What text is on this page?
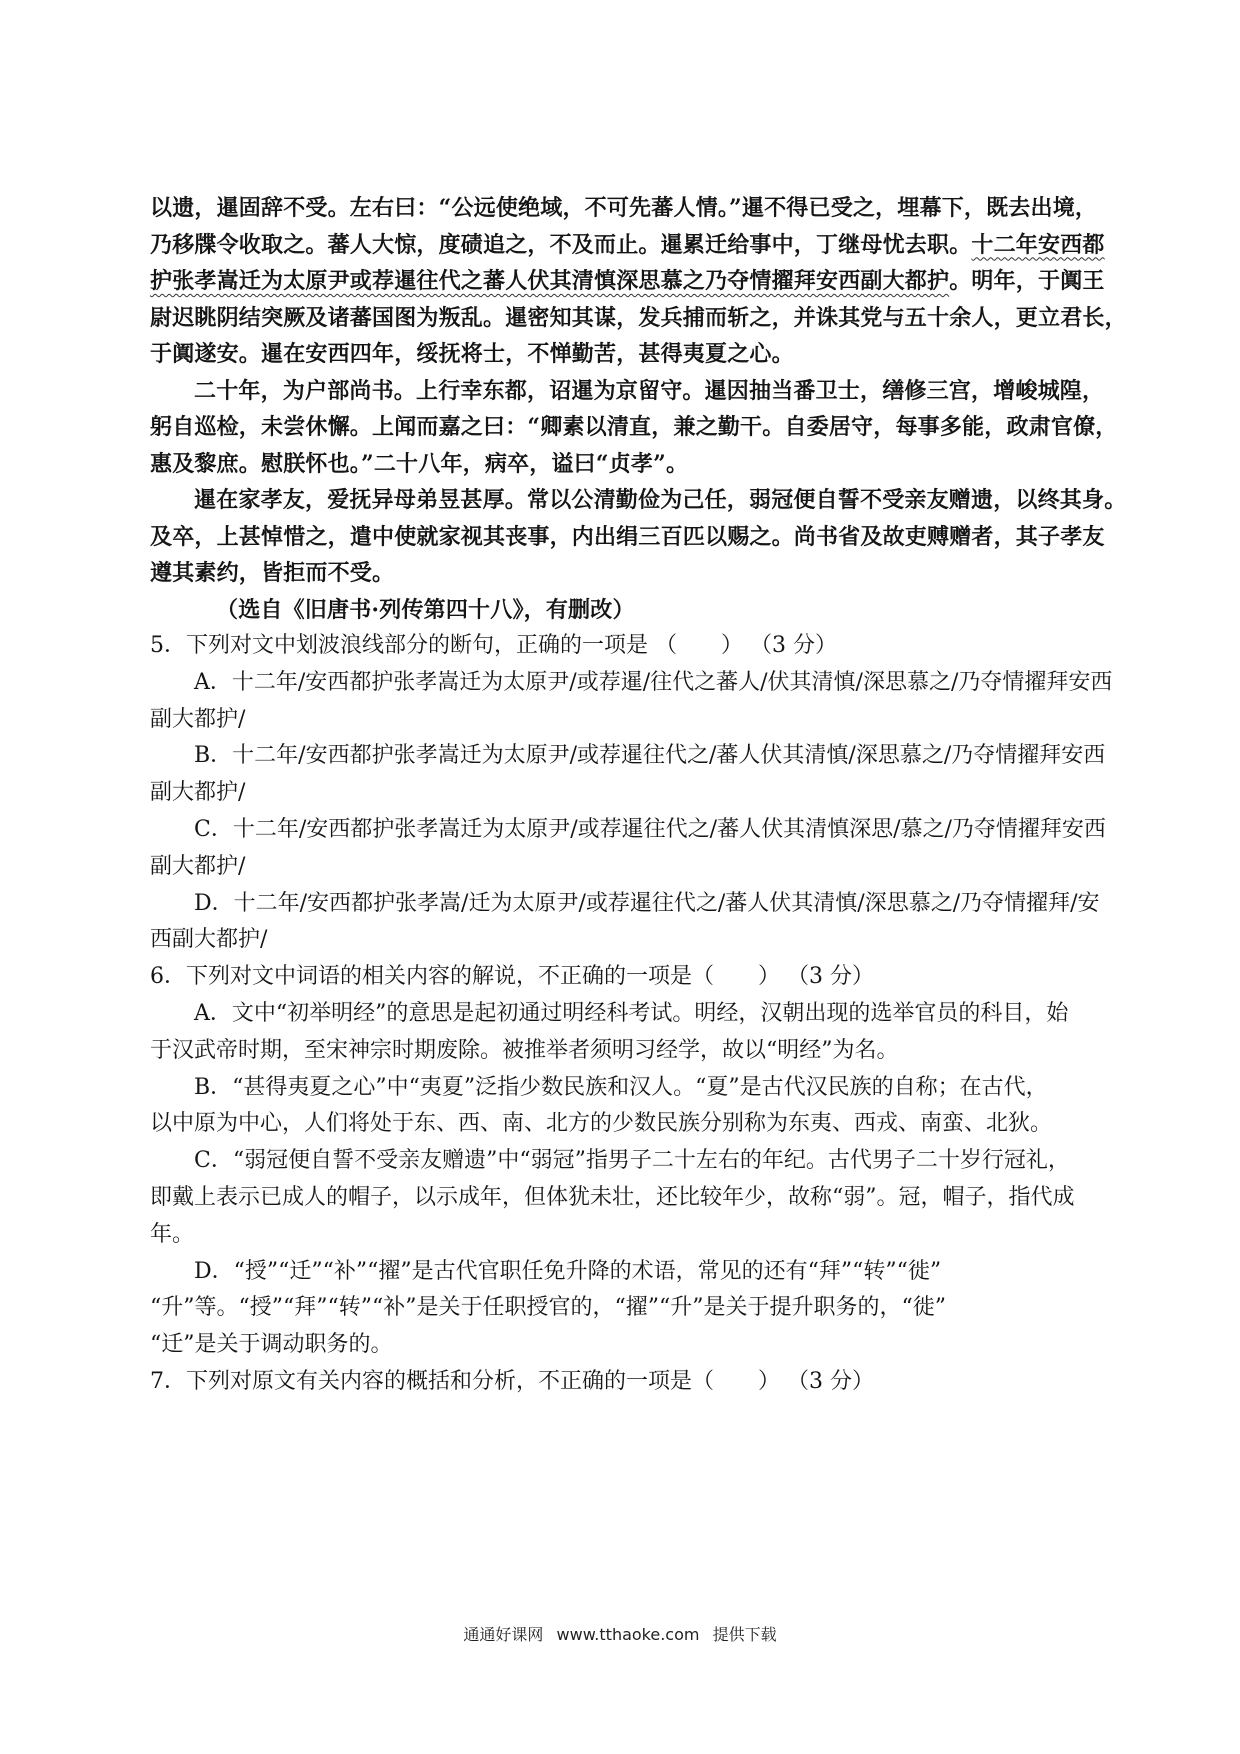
以遗，暹固辞不受。左右曰：“公远使绝域，不可先蕃人情。”暹不得已受之，埋幕下，既去出境，
乃移牒令收取之。蕃人大惊，度碛追之，不及而止。暹累迁给事中，丁继母忧去职。十二年安西都
护张孝嵩迁为太原尹或荐暹往代之蕃人伏其清慎深思慕之乃夺情擢拜安西副大都护。明年，于阗王
尉迟眺阴结突厥及诸蕃国图为叛乱。暹密知其谋，发兵捕而斩之，并诛其党与五十余人，更立君长，
于阗遂安。暹在安西四年，绥抚将士，不惮勤苦，甚得夷夏之心。
二十年，为户部尚书。上行幸东都，诏暹为京留守。暹因抽当番卫士，缮修三宫，增峻城隍，
躬自巡检，未尝休懈。上闻而嘉之曰：“卿素以清直，兼之勤干。自委居守，每事多能，政肃官僚，
惠及黎庶。慰朕怀也。”二十八年，病卒，谥曰“贞孝”。
暹在家孝友，爱抚异母弟昱甚厚。常以公清勤俭为己任，弱冠便自誓不受亲友赠遗，以终其身。
及卒，上甚悼惜之，遣中使就家视其丧事，内出绢三百匹以赐之。尚书省及故吏赙赠者，其子孝友
遵其素约，皆拒而不受。
（选自《旧唐书·列传第四十八》，有删改）
5．下列对文中划波浪线部分的断句，正确的一项是 （　　） （3 分）
A．十二年/安西都护张孝嵩迁为太原尹/或荐暹/往代之蕃人/伏其清慎/深思慕之/乃夺情擢拜安西
副大都护/
B．十二年/安西都护张孝嵩迁为太原尹/或荐暹往代之/蕃人伏其清慎/深思慕之/乃夺情擢拜安西
副大都护/
C．十二年/安西都护张孝嵩迁为太原尹/或荐暹往代之/蕃人伏其清慎深思/慕之/乃夺情擢拜安西
副大都护/
D．十二年/安西都护张孝嵩/迁为太原尹/或荐暹往代之/蕃人伏其清慎/深思慕之/乃夺情擢拜/安
西副大都护/
6．下列对文中词语的相关内容的解说，不正确的一项是（　　） （3 分）
A．文中“初举明经”的意思是起初通过明经科考试。明经，汉朝出现的选举官员的科目，始
于汉武帝时期，至宋神宗时期废除。被推举者须明习经学，故以“明经”为名。
B．“甚得夷夏之心”中“夷夏”泛指少数民族和汉人。“夏”是古代汉民族的自称；在古代，
以中原为中心，人们将处于东、西、南、北方的少数民族分别称为东夷、西戎、南蛮、北狄。
C．“弱冠便自誓不受亲友赠遗”中“弱冠”指男子二十左右的年纪。古代男子二十岁行冠礼，
即戴上表示已成人的帽子，以示成年，但体犹未壮，还比较年少，故称“弱”。冠，帽子，指代成
年。
D．“授”“迁”“补”“擢”是古代官职任免升降的术语，常见的还有“拜”“转”“徙”
“升”等。“授”“拜”“转”“补”是关于任职授官的，“擢”“升”是关于提升职务的，“徙”
“迁”是关于调动职务的。
7．下列对原文有关内容的概括和分析，不正确的一项是（　　） （3 分）
通通好课网 www.tthaoke.com 提供下载
